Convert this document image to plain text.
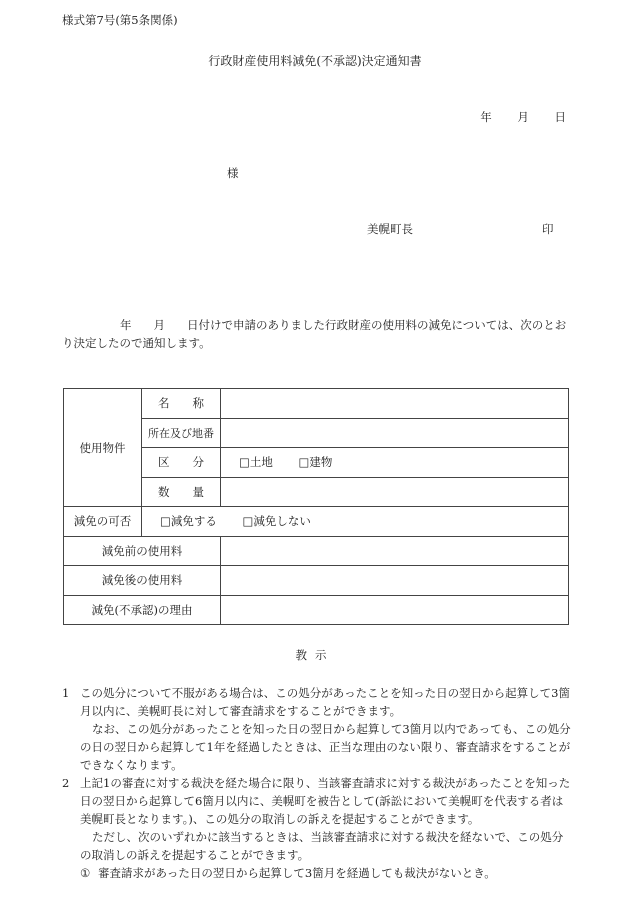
様式第7号(第5条関係)
行政財産使用料減免(不承認)決定通知書
年 月 日
様
美幌町長	印
年 月 日付けで申請のありました行政財産の使用料の減免については、次のとおり決定したので通知します。
使用物件	名　　称	
	所在及び地番	
	区　　分	□土地 □建物
	数　　量	
減免の可否	□減免する □減免しない	
減免前の使用料		
減免後の使用料		
減免(不承認)の理由		
教示

1 この処分について不服がある場合は、この処分があったことを知った日の翌日から起算して3箇月以内に、美幌町長に対して審査請求をすることができます。

なお、この処分があったことを知った日の翌日から起算して3箇月以内であっても、この処分の日の翌日から起算して1年を経過したときは、正当な理由のない限り、審査請求をすることができなくなります。

2 上記1の審査に対する裁決を経た場合に限り、当該審査請求に対する裁決があったことを知った日の翌日から起算して6箇月以内に、美幌町を被告として(訴訟において美幌町を代表する者は美幌町長となります。)、この処分の取消しの訴えを提起することができます。

ただし、次のいずれかに該当するときは、当該審査請求に対する裁決を経ないで、この処分の取消しの訴えを提起することができます。

① 審査請求があった日の翌日から起算して3箇月を経過しても裁決がないとき。
